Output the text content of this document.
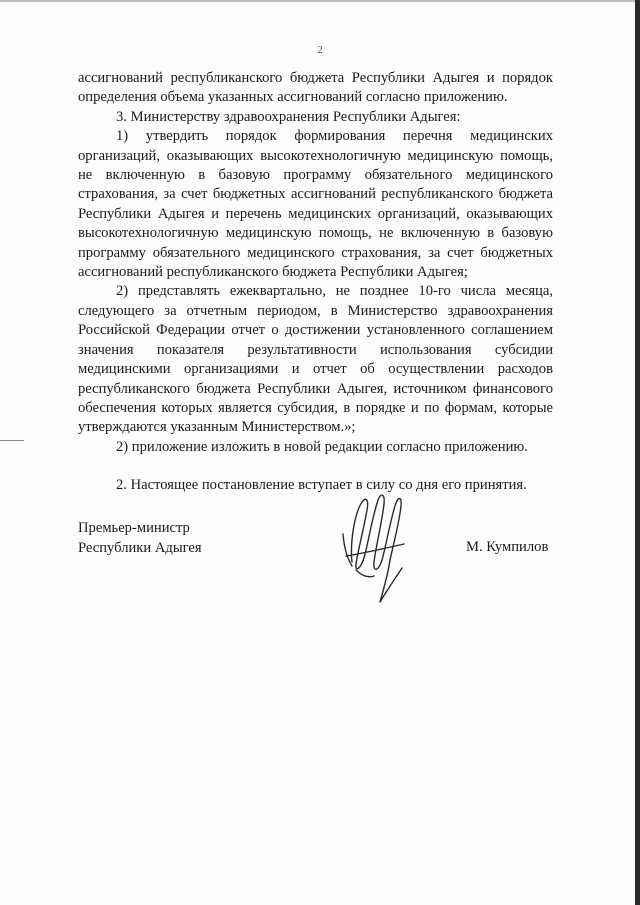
2

ассигнований республиканского бюджета Республики Адыгея и порядок определения объема указанных ассигнований согласно приложению.

3. Министерству здравоохранения Республики Адыгея:

1) утвердить порядок формирования перечня медицинских организаций, оказывающих высокотехнологичную медицинскую помощь, не включенную в базовую программу обязательного медицинского страхования, за счет бюджетных ассигнований республиканского бюджета Республики Адыгея и перечень медицинских организаций, оказывающих высокотехнологичную медицинскую помощь, не включенную в базовую программу обязательного медицинского страхования, за счет бюджетных ассигнований республиканского бюджета Республики Адыгея;

2) представлять ежеквартально, не позднее 10-го числа месяца, следующего за отчетным периодом, в Министерство здравоохранения Российской Федерации отчет о достижении установленного соглашением значения показателя результативности использования субсидии медицинскими организациями и отчет об осуществлении расходов республиканского бюджета Республики Адыгея, источником финансового обеспечения которых является субсидия, в порядке и по формам, которые утверждаются указанным Министерством.»;

2) приложение изложить в новой редакции согласно приложению.

2. Настоящее постановление вступает в силу со дня его принятия.

Премьер-министр
Республики Адыгея	М. Кумпилов
